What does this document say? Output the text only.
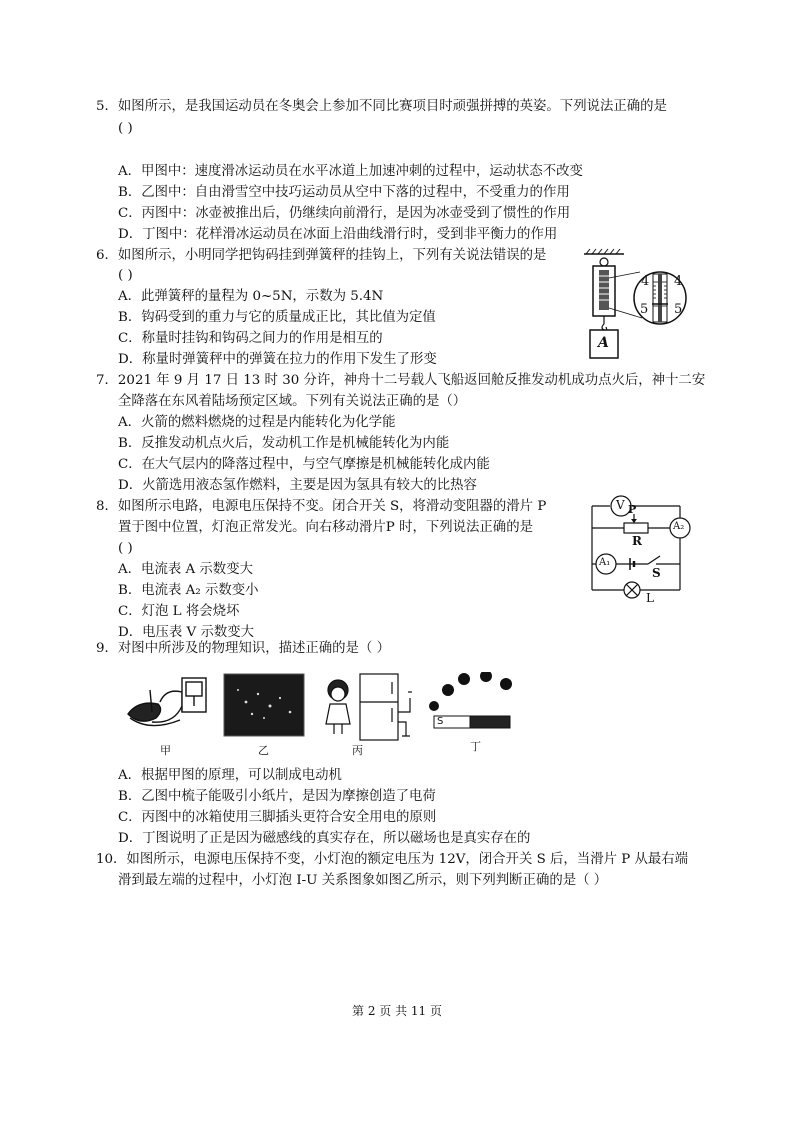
5．如图所示，是我国运动员在冬奥会上参加不同比赛项目时顽强拼搏的英姿。下列说法正确的是
( )
A．甲图中：速度滑冰运动员在水平冰道上加速冲刺的过程中，运动状态不改变
B．乙图中：自由滑雪空中技巧运动员从空中下落的过程中，不受重力的作用
C．丙图中：冰壶被推出后，仍继续向前滑行，是因为冰壶受到了惯性的作用
D．丁图中：花样滑冰运动员在冰面上沿曲线滑行时，受到非平衡力的作用
6．如图所示，小明同学把钩码挂到弹簧秤的挂钩上，下列有关说法错误的是
( )
A．此弹簧秤的量程为 0~5N，示数为 5.4N
B．钩码受到的重力与它的质量成正比，其比值为定值
C．称量时挂钩和钩码之间力的作用是相互的
D．称量时弹簧秤中的弹簧在拉力的作用下发生了形变
4 4
5 5
A
7．2021 年 9 月 17 日 13 时 30 分许，神舟十二号载人飞船返回舱反推发动机成功点火后，神十二安
全降落在东风着陆场预定区域。下列有关说法正确的是（）
A．火箭的燃料燃烧的过程是内能转化为化学能
B．反推发动机点火后，发动机工作是机械能转化为内能
C．在大气层内的降落过程中，与空气摩擦是机械能转化成内能
D．火箭选用液态氢作燃料，主要是因为氢具有较大的比热容
8．如图所示电路，电源电压保持不变。闭合开关 S，将滑动变阻器的滑片 P
置于图中位置，灯泡正常发光。向右移动滑片P 时，下列说法正确的是
( )
A．电流表 A 示数变大
B．电流表 A₂ 示数变小
C．灯泡 L 将会烧坏
D．电压表 V 示数变大
V P
R
A₂
A₁
S
L
9．对图中所涉及的物理知识，描述正确的是（ ）
S
甲	乙	丙	丁
A．根据甲图的原理，可以制成电动机
B．乙图中梳子能吸引小纸片，是因为摩擦创造了电荷
C．丙图中的冰箱使用三脚插头更符合安全用电的原则
D．丁图说明了正是因为磁感线的真实存在，所以磁场也是真实存在的
10．如图所示，电源电压保持不变，小灯泡的额定电压为 12V，闭合开关 S 后，当滑片 P 从最右端
滑到最左端的过程中，小灯泡 I-U 关系图象如图乙所示，则下列判断正确的是（ ）
第 2 页 共 11 页
